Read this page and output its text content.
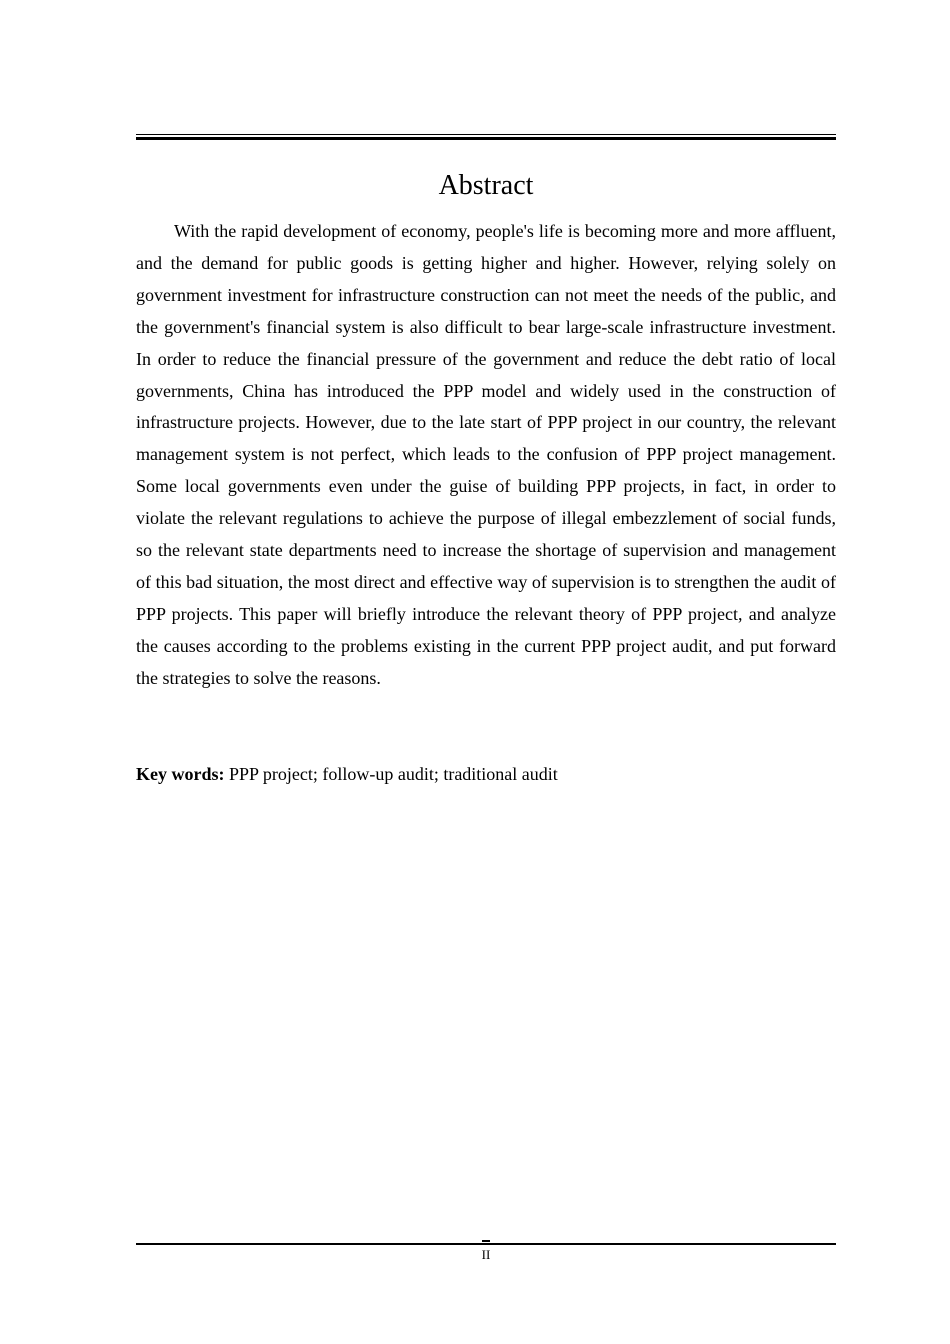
Abstract

With the rapid development of economy, people's life is becoming more and more affluent, and the demand for public goods is getting higher and higher. However, relying solely on government investment for infrastructure construction can not meet the needs of the public, and the government's financial system is also difficult to bear large-scale infrastructure investment. In order to reduce the financial pressure of the government and reduce the debt ratio of local governments, China has introduced the PPP model and widely used in the construction of infrastructure projects. However, due to the late start of PPP project in our country, the relevant management system is not perfect, which leads to the confusion of PPP project management. Some local governments even under the guise of building PPP projects, in fact, in order to violate the relevant regulations to achieve the purpose of illegal embezzlement of social funds, so the relevant state departments need to increase the shortage of supervision and management of this bad situation, the most direct and effective way of supervision is to strengthen the audit of PPP projects. This paper will briefly introduce the relevant theory of PPP project, and analyze the causes according to the problems existing in the current PPP project audit, and put forward the strategies to solve the reasons.

Key words: PPP project; follow-up audit; traditional audit

II
